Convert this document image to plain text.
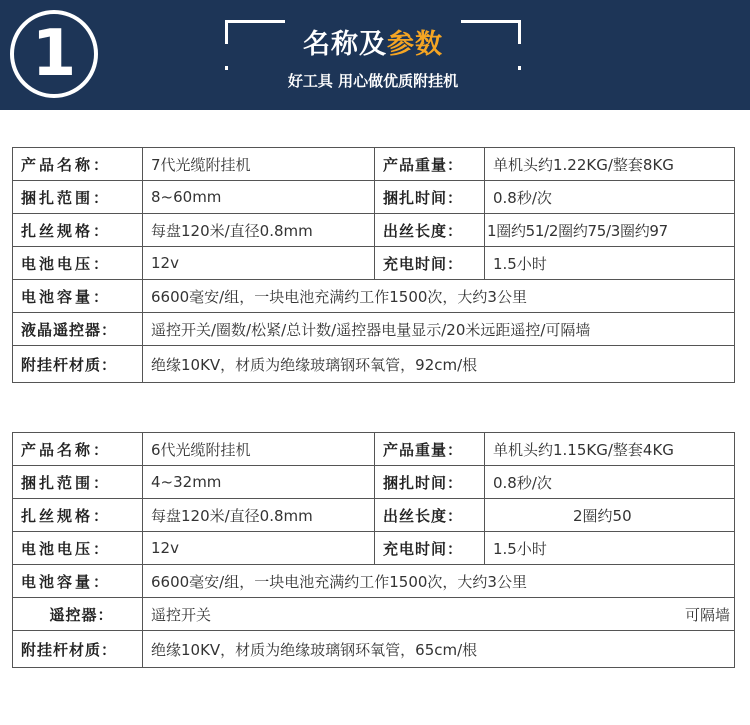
1	名称及参数
好工具 用心做优质附挂机
产品名称：	7代光缆附挂机	产品重量：	单机头约1.22KG/整套8KG
捆扎范围：	8~60mm	捆扎时间：	0.8秒/次
扎丝规格：	每盘120米/直径0.8mm	出丝长度：	1圈约51/2圈约75/3圈约97
电池电压：	12v	充电时间：	1.5小时
电池容量：	6600毫安/组，一块电池充满约工作1500次，大约3公里		
液晶遥控器：	遥控开关/圈数/松紧/总计数/遥控器电量显示/20米远距遥控/可隔墙		
附挂杆材质：	绝缘10KV，材质为绝缘玻璃钢环氧管，92cm/根		
产品名称：	6代光缆附挂机	产品重量：	单机头约1.15KG/整套4KG
捆扎范围：	4~32mm	捆扎时间：	0.8秒/次
扎丝规格：	每盘120米/直径0.8mm	出丝长度：	2圈约50
电池电压：	12v	充电时间：	1.5小时
电池容量：	6600毫安/组，一块电池充满约工作1500次，大约3公里		
遥控器：	遥控开关 可隔墙		

附挂杆材质：	绝缘10KV，材质为绝缘玻璃钢环氧管，65cm/根		
